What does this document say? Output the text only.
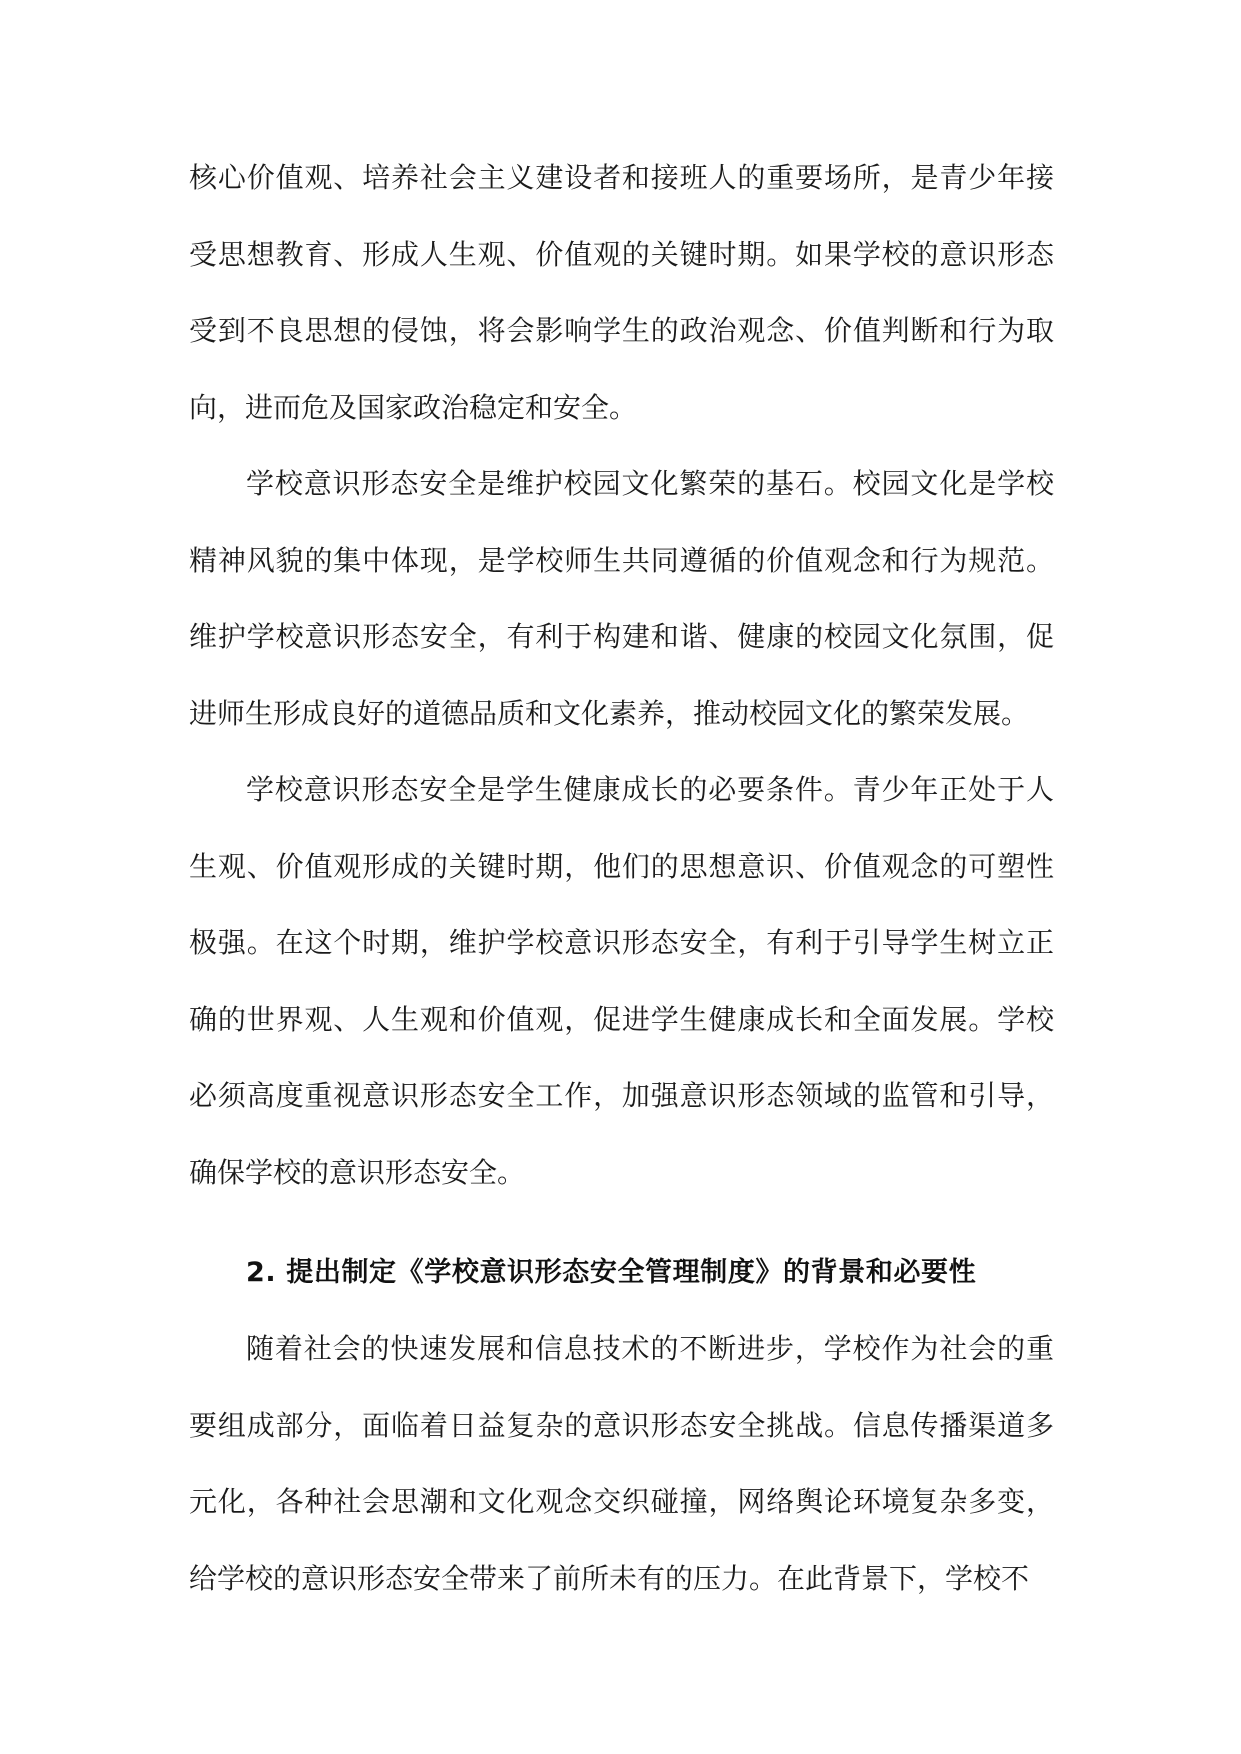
核心价值观、培养社会主义建设者和接班人的重要场所，是青少年接受思想教育、形成人生观、价值观的关键时期。如果学校的意识形态受到不良思想的侵蚀，将会影响学生的政治观念、价值判断和行为取向，进而危及国家政治稳定和安全。

学校意识形态安全是维护校园文化繁荣的基石。校园文化是学校精神风貌的集中体现，是学校师生共同遵循的价值观念和行为规范。维护学校意识形态安全，有利于构建和谐、健康的校园文化氛围，促进师生形成良好的道德品质和文化素养，推动校园文化的繁荣发展。

学校意识形态安全是学生健康成长的必要条件。青少年正处于人生观、价值观形成的关键时期，他们的思想意识、价值观念的可塑性极强。在这个时期，维护学校意识形态安全，有利于引导学生树立正确的世界观、人生观和价值观，促进学生健康成长和全面发展。学校必须高度重视意识形态安全工作，加强意识形态领域的监管和引导，确保学校的意识形态安全。

2. 提出制定《学校意识形态安全管理制度》的背景和必要性

随着社会的快速发展和信息技术的不断进步，学校作为社会的重要组成部分，面临着日益复杂的意识形态安全挑战。信息传播渠道多元化，各种社会思潮和文化观念交织碰撞，网络舆论环境复杂多变，给学校的意识形态安全带来了前所未有的压力。在此背景下，学校不
